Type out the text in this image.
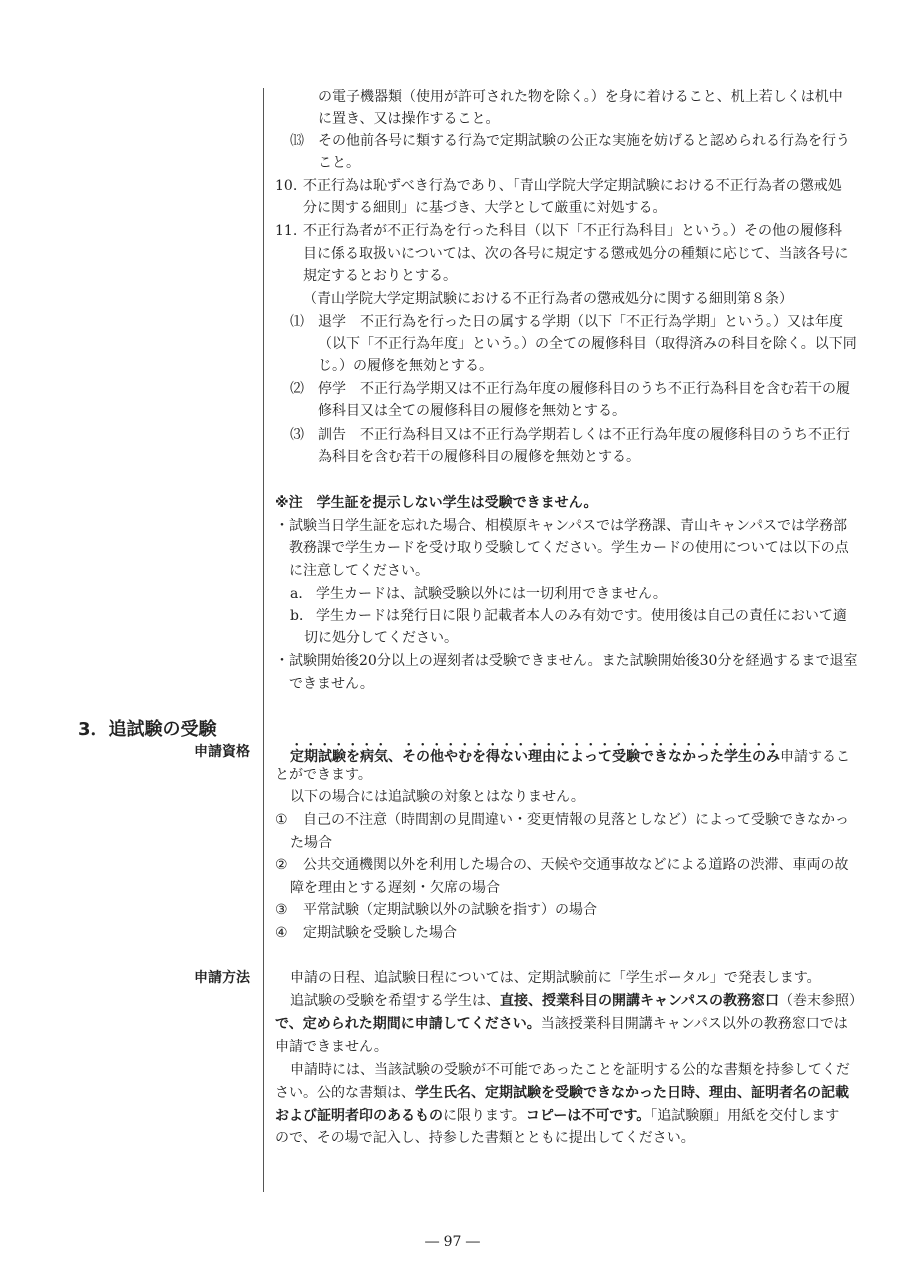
の電子機器類（使用が許可された物を除く。）を身に着けること、机上若しくは机中
に置き、又は操作すること。
⒀ その他前各号に類する行為で定期試験の公正な実施を妨げると認められる行為を行う
こと。
10. 不正行為は恥ずべき行為であり、「青山学院大学定期試験における不正行為者の懲戒処
分に関する細則」に基づき、大学として厳重に対処する。
11. 不正行為者が不正行為を行った科目（以下「不正行為科目」という。）その他の履修科
目に係る取扱いについては、次の各号に規定する懲戒処分の種類に応じて、当該各号に
規定するとおりとする。
（青山学院大学定期試験における不正行為者の懲戒処分に関する細則第８条）
⑴ 退学 不正行為を行った日の属する学期（以下「不正行為学期」という。）又は年度
（以下「不正行為年度」という。）の全ての履修科目（取得済みの科目を除く。以下同
じ。）の履修を無効とする。
⑵ 停学 不正行為学期又は不正行為年度の履修科目のうち不正行為科目を含む若干の履
修科目又は全ての履修科目の履修を無効とする。
⑶ 訓告 不正行為科目又は不正行為学期若しくは不正行為年度の履修科目のうち不正行
為科目を含む若干の履修科目の履修を無効とする。
※注　学生証を提示しない学生は受験できません。
・ 試験当日学生証を忘れた場合、相模原キャンパスでは学務課、青山キャンパスでは学務部
教務課で学生カードを受け取り受験してください。学生カードの使用については以下の点
に注意してください。
a． 学生カードは、試験受験以外には一切利用できません。
b． 学生カードは発行日に限り記載者本人のみ有効です。使用後は自己の責任において適
切に処分してください。
・ 試験開始後20分以上の遅刻者は受験できません。また試験開始後30分を経過するまで退室
できません。
3．追試験の受験
申請資格	定期試験を病気、その他やむを得ない理由によって受験できなかった学生のみ申請するこ
とができます。
以下の場合には追試験の対象とはなりません。
① 自己の不注意（時間割の見間違い・変更情報の見落としなど）によって受験できなかっ
た場合
② 公共交通機関以外を利用した場合の、天候や交通事故などによる道路の渋滞、車両の故
障を理由とする遅刻・欠席の場合
③ 平常試験（定期試験以外の試験を指す）の場合
④ 定期試験を受験した場合
申請方法	申請の日程、追試験日程については、定期試験前に「学生ポータル」で発表します。
追試験の受験を希望する学生は、直接、授業科目の開講キャンパスの教務窓口（巻末参照）
で、定められた期間に申請してください。当該授業科目開講キャンパス以外の教務窓口では
申請できません。
申請時には、当該試験の受験が不可能であったことを証明する公的な書類を持参してくだ
さい。公的な書類は、学生氏名、定期試験を受験できなかった日時、理由、証明者名の記載
および証明者印のあるものに限ります。コピーは不可です。「追試験願」用紙を交付します
ので、その場で記入し、持参した書類とともに提出してください。
― 97 ―
